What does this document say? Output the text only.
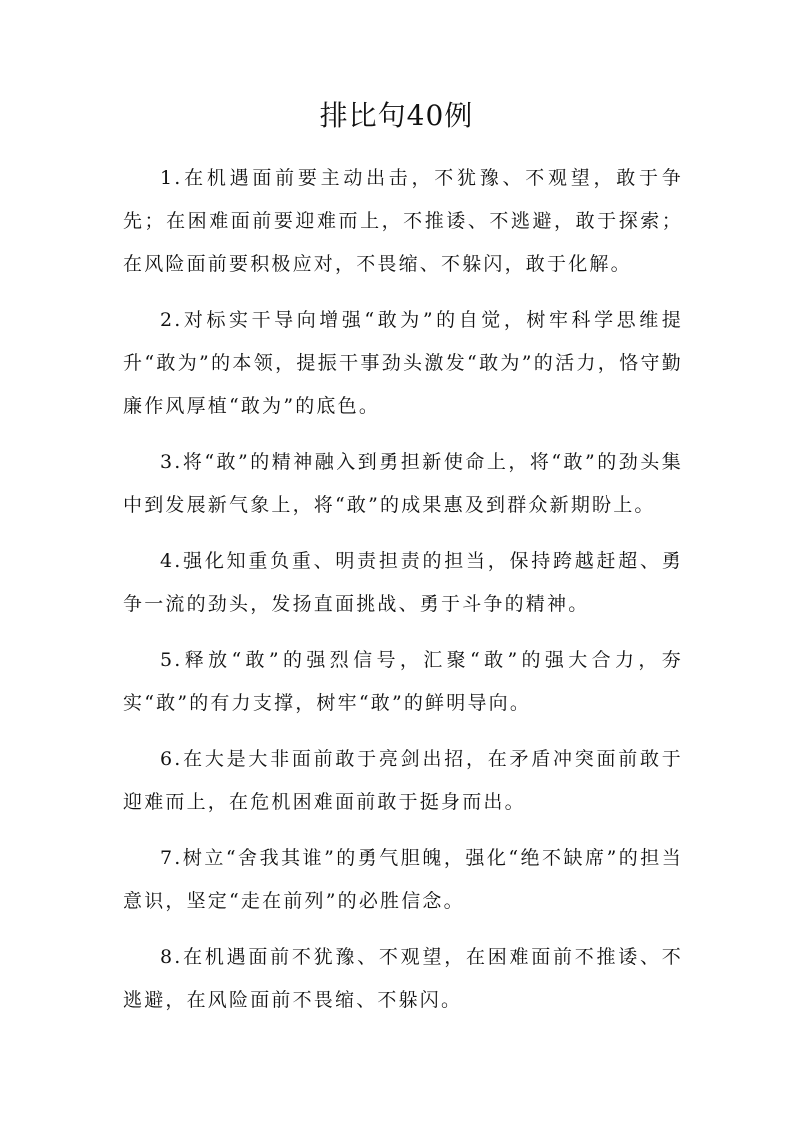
排比句40例

1.在机遇面前要主动出击，不犹豫、不观望，敢于争先；在困难面前要迎难而上，不推诿、不逃避，敢于探索；在风险面前要积极应对，不畏缩、不躲闪，敢于化解。

2.对标实干导向增强“敢为”的自觉，树牢科学思维提升“敢为”的本领，提振干事劲头激发“敢为”的活力，恪守勤廉作风厚植“敢为”的底色。

3.将“敢”的精神融入到勇担新使命上，将“敢”的劲头集中到发展新气象上，将“敢”的成果惠及到群众新期盼上。

4.强化知重负重、明责担责的担当，保持跨越赶超、勇争一流的劲头，发扬直面挑战、勇于斗争的精神。

5.释放“敢”的强烈信号，汇聚“敢”的强大合力，夯实“敢”的有力支撑，树牢“敢”的鲜明导向。

6.在大是大非面前敢于亮剑出招，在矛盾冲突面前敢于迎难而上，在危机困难面前敢于挺身而出。

7.树立“舍我其谁”的勇气胆魄，强化“绝不缺席”的担当意识，坚定“走在前列”的必胜信念。

8.在机遇面前不犹豫、不观望，在困难面前不推诿、不逃避，在风险面前不畏缩、不躲闪。
